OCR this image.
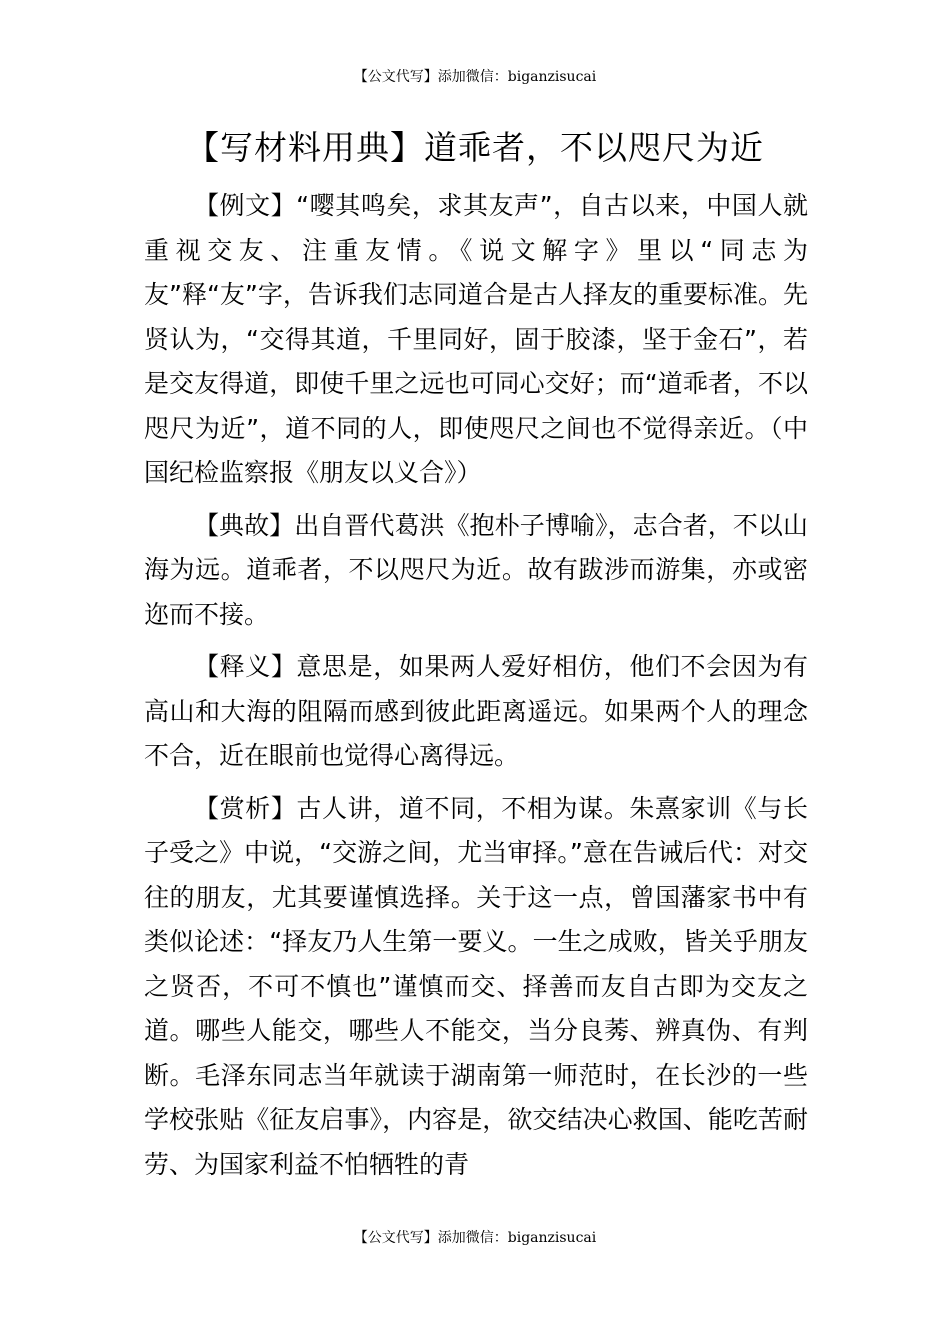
【公文代写】添加微信：biganzisucai
【写材料用典】道乖者，不以咫尺为近

【例文】“嘤其鸣矣，求其友声”，自古以来，中国人就重视交友、注重友情。《说文解字》里以“同志为友”释“友”字，告诉我们志同道合是古人择友的重要标准。先贤认为，“交得其道，千里同好，固于胶漆，坚于金石”，若是交友得道，即使千里之远也可同心交好；而“道乖者，不以咫尺为近”，道不同的人，即使咫尺之间也不觉得亲近。（中国纪检监察报《朋友以义合》）

【典故】出自晋代葛洪《抱朴子博喻》，志合者，不以山海为远。道乖者，不以咫尺为近。故有跋涉而游集，亦或密迩而不接。

【释义】意思是，如果两人爱好相仿，他们不会因为有高山和大海的阻隔而感到彼此距离遥远。如果两个人的理念不合，近在眼前也觉得心离得远。

【赏析】古人讲，道不同，不相为谋。朱熹家训《与长子受之》中说，“交游之间，尤当审择。”意在告诫后代：对交往的朋友，尤其要谨慎选择。关于这一点，曾国藩家书中有类似论述：“择友乃人生第一要义。一生之成败，皆关乎朋友之贤否，不可不慎也”谨慎而交、择善而友自古即为交友之道。哪些人能交，哪些人不能交，当分良莠、辨真伪、有判断。毛泽东同志当年就读于湖南第一师范时，在长沙的一些学校张贴《征友启事》，内容是，欲交结决心救国、能吃苦耐劳、为国家利益不怕牺牲的青

【公文代写】添加微信：biganzisucai
